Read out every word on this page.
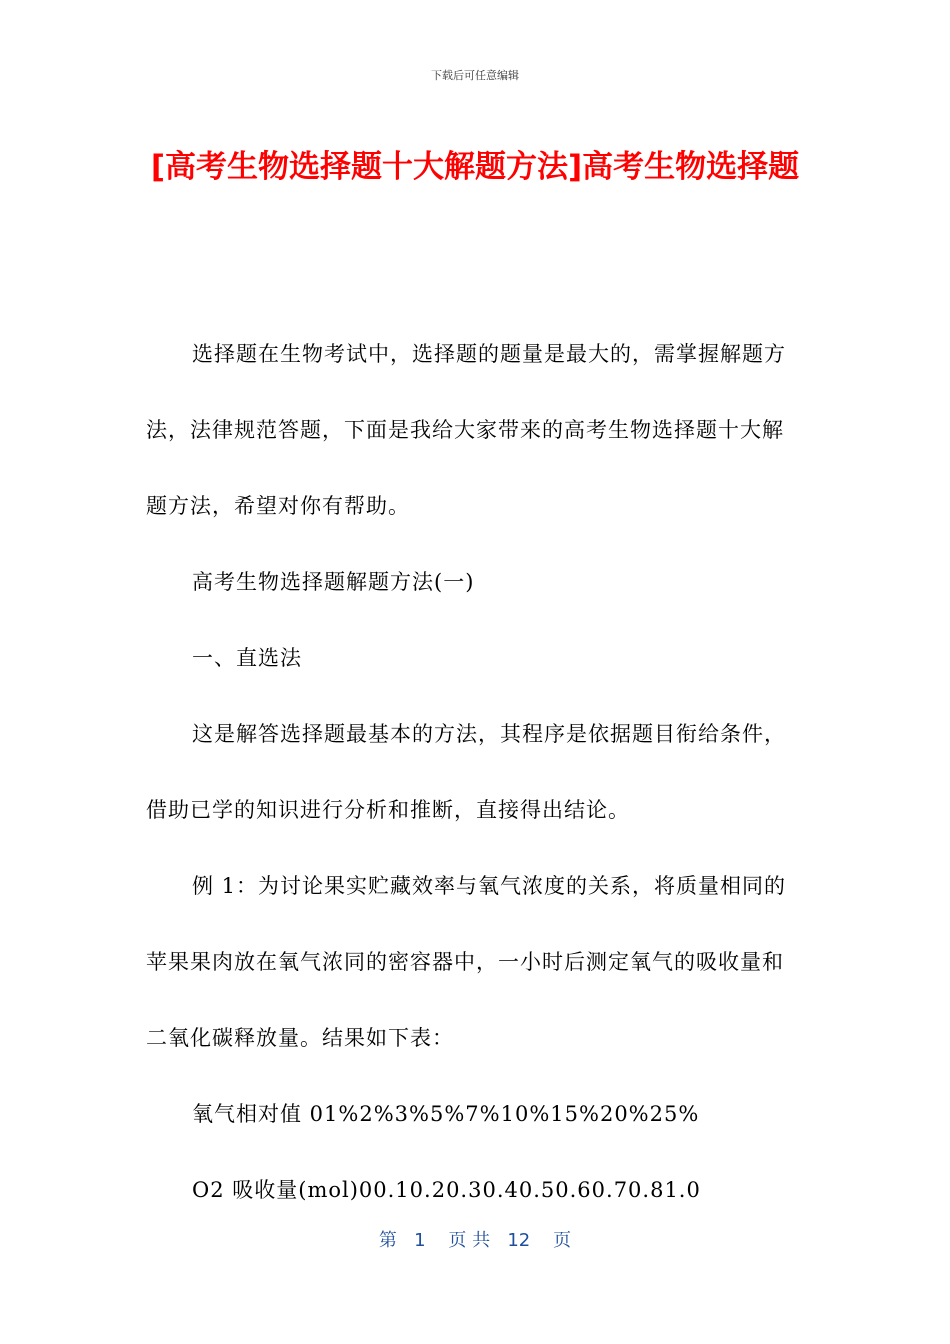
下载后可任意编辑
[高考生物选择题十大解题方法]高考生物选择题

选择题在生物考试中，选择题的题量是最大的，需掌握解题方法，法律规范答题，下面是我给大家带来的高考生物选择题十大解题方法，希望对你有帮助。

高考生物选择题解题方法(一)

一、直选法

这是解答选择题最基本的方法，其程序是依据题目衔给条件，借助已学的知识进行分析和推断，直接得出结论。

例 1：为讨论果实贮藏效率与氧气浓度的关系，将质量相同的苹果果肉放在氧气浓同的密容器中，一小时后测定氧气的吸收量和二氧化碳释放量。结果如下表：

氧气相对值 01%2%3%5%7%10%15%20%25%

O2 吸收量(mol)00.10.20.30.40.50.60.70.81.0

第 1 页 共 12 页
